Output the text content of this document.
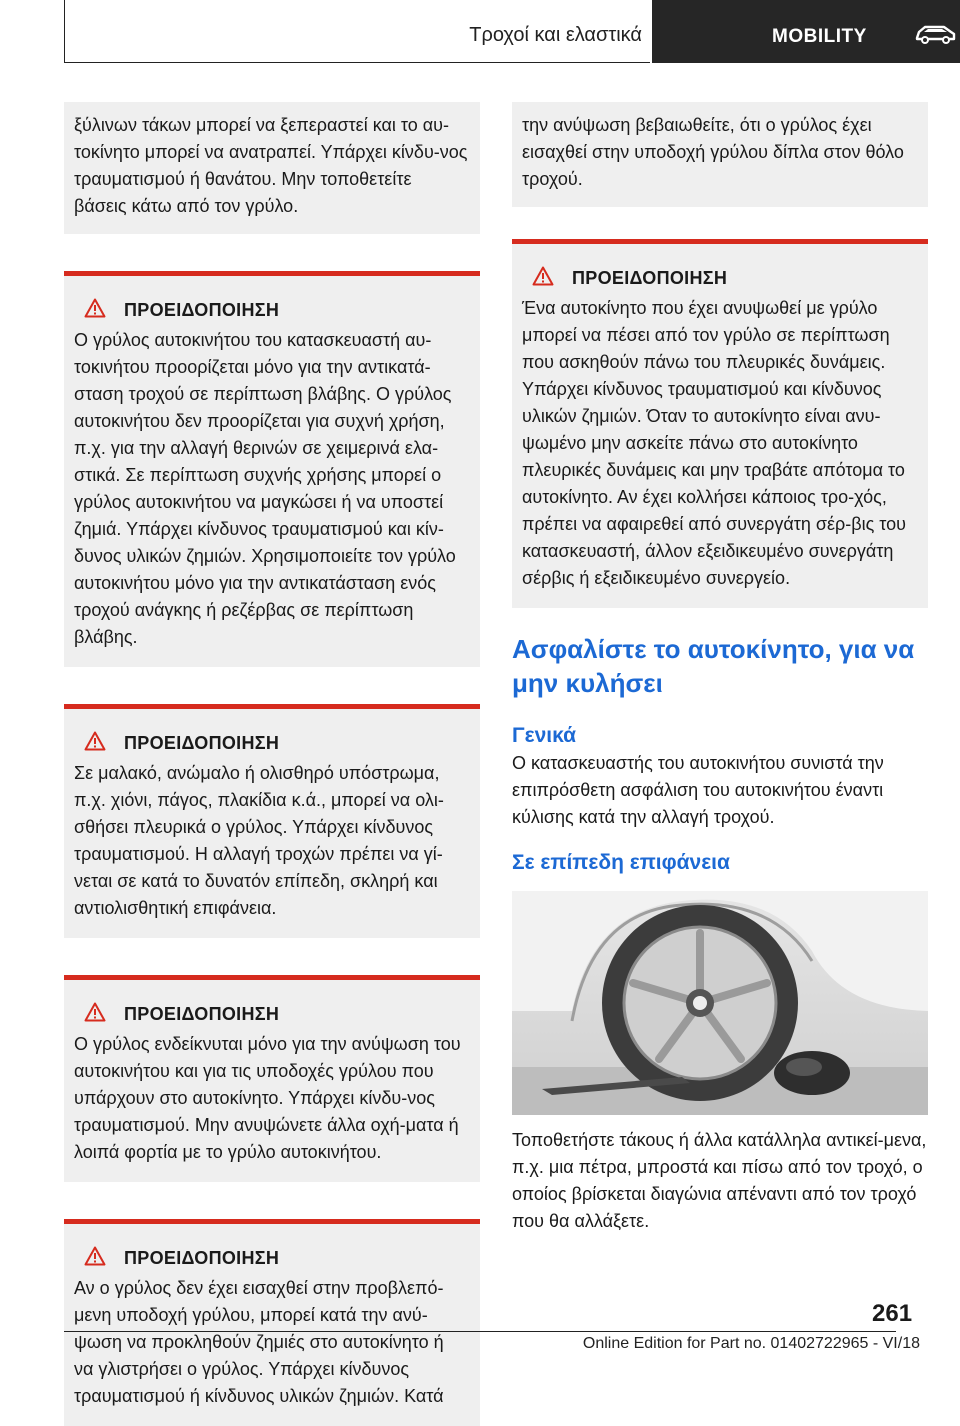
Τροχοί και ελαστικά	MOBILITY

ξύλινων τάκων μπορεί να ξεπεραστεί και το αυ-τοκίνητο μπορεί να ανατραπεί. Υπάρχει κίνδυ-νος τραυματισμού ή θανάτου. Μην τοποθετείτε βάσεις κάτω από τον γρύλο.

ΠΡΟΕΙΔΟΠΟΙΗΣΗ

Ο γρύλος αυτοκινήτου του κατασκευαστή αυ-τοκινήτου προορίζεται μόνο για την αντικατά-σταση τροχού σε περίπτωση βλάβης. Ο γρύλος αυτοκινήτου δεν προορίζεται για συχνή χρήση, π.χ. για την αλλαγή θερινών σε χειμερινά ελα-στικά. Σε περίπτωση συχνής χρήσης μπορεί ο γρύλος αυτοκινήτου να μαγκώσει ή να υποστεί ζημιά. Υπάρχει κίνδυνος τραυματισμού και κίν-δυνος υλικών ζημιών. Χρησιμοποιείτε τον γρύλο αυτοκινήτου μόνο για την αντικατάσταση ενός τροχού ανάγκης ή ρεζέρβας σε περίπτωση βλάβης.

ΠΡΟΕΙΔΟΠΟΙΗΣΗ

Σε μαλακό, ανώμαλο ή ολισθηρό υπόστρωμα, π.χ. χιόνι, πάγος, πλακίδια κ.ά., μπορεί να ολι-σθήσει πλευρικά ο γρύλος. Υπάρχει κίνδυνος τραυματισμού. Η αλλαγή τροχών πρέπει να γί-νεται σε κατά το δυνατόν επίπεδη, σκληρή και αντιολισθητική επιφάνεια.

ΠΡΟΕΙΔΟΠΟΙΗΣΗ

Ο γρύλος ενδείκνυται μόνο για την ανύψωση του αυτοκινήτου και για τις υποδοχές γρύλου που υπάρχουν στο αυτοκίνητο. Υπάρχει κίνδυ-νος τραυματισμού. Μην ανυψώνετε άλλα οχή-ματα ή λοιπά φορτία με το γρύλο αυτοκινήτου.

ΠΡΟΕΙΔΟΠΟΙΗΣΗ

Αν ο γρύλος δεν έχει εισαχθεί στην προβλεπό-μενη υποδοχή γρύλου, μπορεί κατά την ανύ-ψωση να προκληθούν ζημιές στο αυτοκίνητο ή να γλιστρήσει ο γρύλος. Υπάρχει κίνδυνος τραυματισμού ή κίνδυνος υλικών ζημιών. Κατά

την ανύψωση βεβαιωθείτε, ότι ο γρύλος έχει εισαχθεί στην υποδοχή γρύλου δίπλα στον θόλο τροχού.

ΠΡΟΕΙΔΟΠΟΙΗΣΗ

Ένα αυτοκίνητο που έχει ανυψωθεί με γρύλο μπορεί να πέσει από τον γρύλο σε περίπτωση που ασκηθούν πάνω του πλευρικές δυνάμεις. Υπάρχει κίνδυνος τραυματισμού και κίνδυνος υλικών ζημιών. Όταν το αυτοκίνητο είναι ανυ-ψωμένο μην ασκείτε πάνω στο αυτοκίνητο πλευρικές δυνάμεις και μην τραβάτε απότομα το αυτοκίνητο. Αν έχει κολλήσει κάποιος τρο-χός, πρέπει να αφαιρεθεί από συνεργάτη σέρ-βις του κατασκευαστή, άλλον εξειδικευμένο συνεργάτη σέρβις ή εξειδικευμένο συνεργείο.

Ασφαλίστε το αυτοκίνητο, για να μην κυλήσει
Γενικά

Ο κατασκευαστής του αυτοκινήτου συνιστά την επιπρόσθετη ασφάλιση του αυτοκινήτου έναντι κύλισης κατά την αλλαγή τροχού.

Σε επίπεδη επιφάνεια

Τοποθετήστε τάκους ή άλλα κατάλληλα αντικεί-μενα, π.χ. μια πέτρα, μπροστά και πίσω από τον τροχό, ο οποίος βρίσκεται διαγώνια απέναντι από τον τροχό που θα αλλάξετε.

261
Online Edition for Part no. 01402722965 - VI/18
